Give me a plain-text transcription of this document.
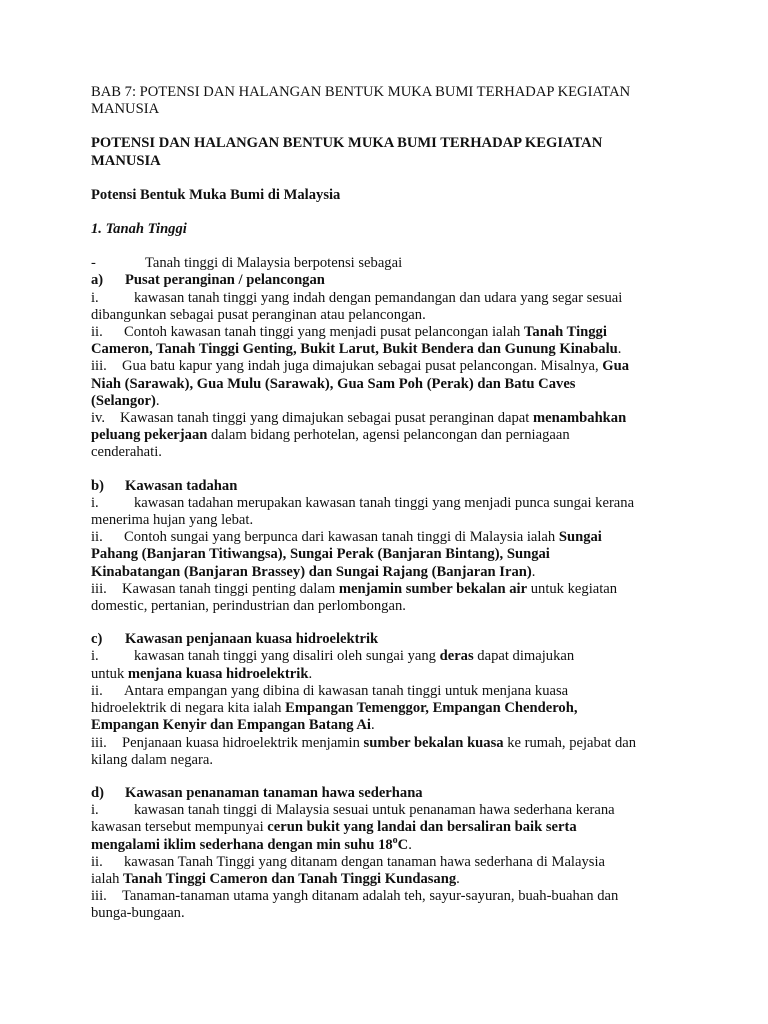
BAB 7: POTENSI DAN HALANGAN BENTUK MUKA BUMI TERHADAP KEGIATAN
MANUSIA

POTENSI DAN HALANGAN BENTUK MUKA BUMI TERHADAP KEGIATAN
MANUSIA

Potensi Bentuk Muka Bumi di Malaysia

1. Tanah Tinggi

-	Tanah tinggi di Malaysia berpotensi sebagai

a) Pusat peranginan / pelancongan

i. kawasan tanah tinggi yang indah dengan pemandangan dan udara yang segar sesuai
dibangunkan sebagai pusat peranginan atau pelancongan.

ii. Contoh kawasan tanah tinggi yang menjadi pusat pelancongan ialah Tanah Tinggi
Cameron, Tanah Tinggi Genting, Bukit Larut, Bukit Bendera dan Gunung Kinabalu.

iii. Gua batu kapur yang indah juga dimajukan sebagai pusat pelancongan. Misalnya, Gua
Niah (Sarawak), Gua Mulu (Sarawak), Gua Sam Poh (Perak) dan Batu Caves
(Selangor).

iv. Kawasan tanah tinggi yang dimajukan sebagai pusat peranginan dapat menambahkan
peluang pekerjaan dalam bidang perhotelan, agensi pelancongan dan perniagaan
cenderahati.

b) Kawasan tadahan

i. kawasan tadahan merupakan kawasan tanah tinggi yang menjadi punca sungai kerana
menerima hujan yang lebat.

ii. Contoh sungai yang berpunca dari kawasan tanah tinggi di Malaysia ialah Sungai
Pahang (Banjaran Titiwangsa), Sungai Perak (Banjaran Bintang), Sungai
Kinabatangan (Banjaran Brassey) dan Sungai Rajang (Banjaran Iran).

iii. Kawasan tanah tinggi penting dalam menjamin sumber bekalan air untuk kegiatan
domestic, pertanian, perindustrian dan perlombongan.

c) Kawasan penjanaan kuasa hidroelektrik

i. kawasan tanah tinggi yang disaliri oleh sungai yang deras dapat dimajukan
untuk menjana kuasa hidroelektrik.

ii. Antara empangan yang dibina di kawasan tanah tinggi untuk menjana kuasa
hidroelektrik di negara kita ialah Empangan Temenggor, Empangan Chenderoh,
Empangan Kenyir dan Empangan Batang Ai.

iii. Penjanaan kuasa hidroelektrik menjamin sumber bekalan kuasa ke rumah, pejabat dan
kilang dalam negara.

d) Kawasan penanaman tanaman hawa sederhana

i. kawasan tanah tinggi di Malaysia sesuai untuk penanaman hawa sederhana kerana
kawasan tersebut mempunyai cerun bukit yang landai dan bersaliran baik serta
mengalami iklim sederhana dengan min suhu 18$^o$C.

ii. kawasan Tanah Tinggi yang ditanam dengan tanaman hawa sederhana di Malaysia
ialah Tanah Tinggi Cameron dan Tanah Tinggi Kundasang.

iii. Tanaman-tanaman utama yangh ditanam adalah teh, sayur-sayuran, buah-buahan dan
bunga-bungaan.
